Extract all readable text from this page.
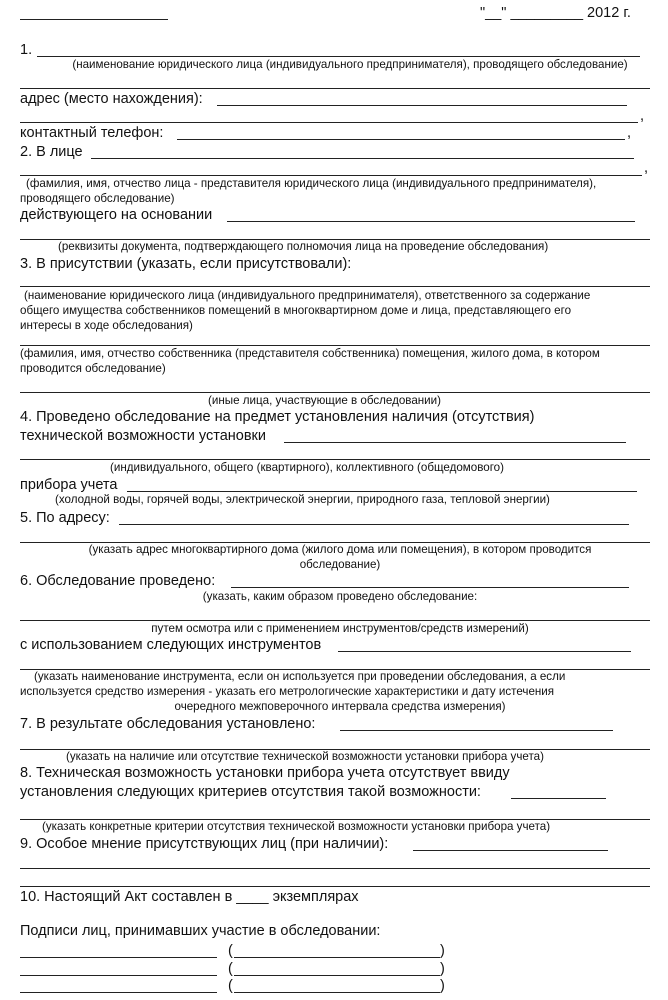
"__" _________ 2012 г.
1.
(наименование юридического лица (индивидуального предпринимателя), проводящего обследование)
адрес (место нахождения):
,
контактный телефон:	,
2. В лице
,
(фамилия, имя, отчество лица - представителя юридического лица (индивидуального предпринимателя),
проводящего обследование)
действующего на основании
(реквизиты документа, подтверждающего полномочия лица на проведение обследования)
3. В присутствии (указать, если присутствовали):
(наименование юридического лица (индивидуального предпринимателя), ответственного за содержание
общего имущества собственников помещений в многоквартирном доме и лица, представляющего его
интересы в ходе обследования)
(фамилия, имя, отчество собственника (представителя собственника) помещения, жилого дома, в котором
проводится обследование)
(иные лица, участвующие в обследовании)
4. Проведено обследование на предмет установления наличия (отсутствия)
технической возможности установки
(индивидуального, общего (квартирного), коллективного (общедомового)
прибора учета
(холодной воды, горячей воды, электрической энергии, природного газа, тепловой энергии)
5. По адресу:
(указать адрес многоквартирного дома (жилого дома или помещения), в котором проводится
обследование)
6. Обследование проведено:
(указать, каким образом проведено обследование:
путем осмотра или с применением инструментов/средств измерений)
с использованием следующих инструментов
(указать наименование инструмента, если он используется при проведении обследования, а если
используется средство измерения - указать его метрологические характеристики и дату истечения
очередного межповерочного интервала средства измерения)
7. В результате обследования установлено:
(указать на наличие или отсутствие технической возможности установки прибора учета)
8. Техническая возможность установки прибора учета отсутствует ввиду
установления следующих критериев отсутствия такой возможности:
(указать конкретные критерии отсутствия технической возможности установки прибора учета)
9. Особое мнение присутствующих лиц (при наличии):
10. Настоящий Акт составлен в ____ экземплярах
Подписи лиц, принимавших участие в обследовании:
(	)
(	)
(	)
